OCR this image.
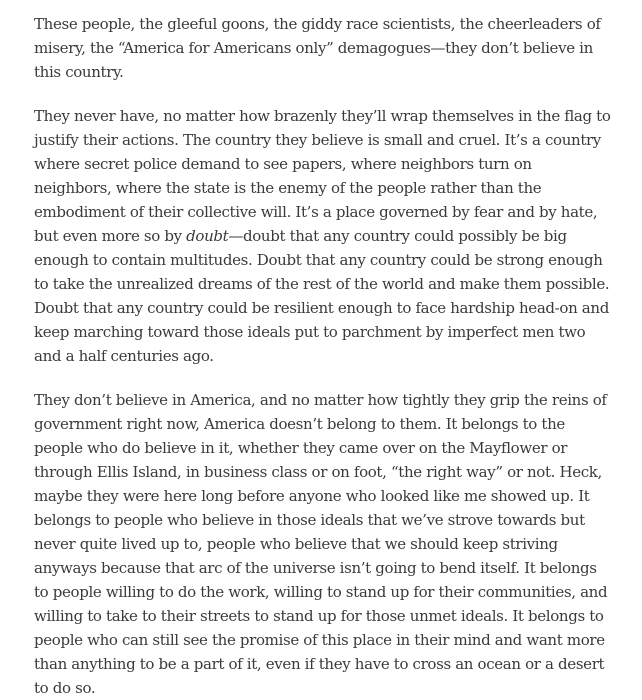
These people, the gleeful goons, the giddy race scientists, the cheerleaders of misery, the “America for Americans only” demagogues—they don’t believe in this country.

They never have, no matter how brazenly they’ll wrap themselves in the flag to justify their actions. The country they believe is small and cruel. It’s a country where secret police demand to see papers, where neighbors turn on neighbors, where the state is the enemy of the people rather than the embodiment of their collective will. It’s a place governed by fear and by hate, but even more so by doubt—doubt that any country could possibly be big enough to contain multitudes. Doubt that any country could be strong enough to take the unrealized dreams of the rest of the world and make them possible. Doubt that any country could be resilient enough to face hardship head-on and keep marching toward those ideals put to parchment by imperfect men two and a half centuries ago.

They don’t believe in America, and no matter how tightly they grip the reins of government right now, America doesn’t belong to them. It belongs to the people who do believe in it, whether they came over on the Mayflower or through Ellis Island, in business class or on foot, “the right way” or not. Heck, maybe they were here long before anyone who looked like me showed up. It belongs to people who believe in those ideals that we’ve strove towards but never quite lived up to, people who believe that we should keep striving anyways because that arc of the universe isn’t going to bend itself. It belongs to people willing to do the work, willing to stand up for their communities, and willing to take to their streets to stand up for those unmet ideals. It belongs to people who can still see the promise of this place in their mind and want more than anything to be a part of it, even if they have to cross an ocean or a desert to do so.
